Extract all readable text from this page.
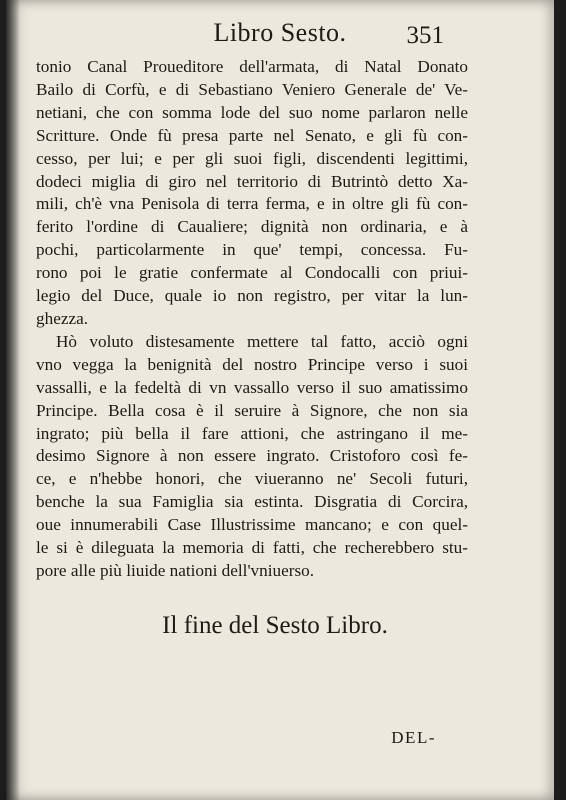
Libro Sesto.	351
tonio Canal Proueditore dell'armata, di Natal Donato
Bailo di Corfù, e di Sebastiano Veniero Generale de' Ve-
netiani, che con somma lode del suo nome parlaron nelle
Scritture. Onde fù presa parte nel Senato, e gli fù con-
cesso, per lui; e per gli suoi figli, discendenti legittimi,
dodeci miglia di giro nel territorio di Butrintò detto Xa-
mili, ch'è vna Penisola di terra ferma, e in oltre gli fù con-
ferito l'ordine di Caualiere; dignità non ordinaria, e à
pochi, particolarmente in que' tempi, concessa. Fu-
rono poi le gratie confermate al Condocalli con priui-
legio del Duce, quale io non registro, per vitar la lun-
ghezza.
Hò voluto distesamente mettere tal fatto, acciò ogni
vno vegga la benignità del nostro Principe verso i suoi
vassalli, e la fedeltà di vn vassallo verso il suo amatissimo
Principe. Bella cosa è il seruire à Signore, che non sia
ingrato; più bella il fare attioni, che astringano il me-
desimo Signore à non essere ingrato. Cristoforo così fe-
ce, e n'hebbe honori, che viueranno ne' Secoli futuri,
benche la sua Famiglia sia estinta. Disgratia di Corcira,
oue innumerabili Case Illustrissime mancano; e con quel-
le si è dileguata la memoria di fatti, che recherebbero stu-
pore alle più liuide nationi dell'vniuerso.
Il fine del Sesto Libro.
DEL-
